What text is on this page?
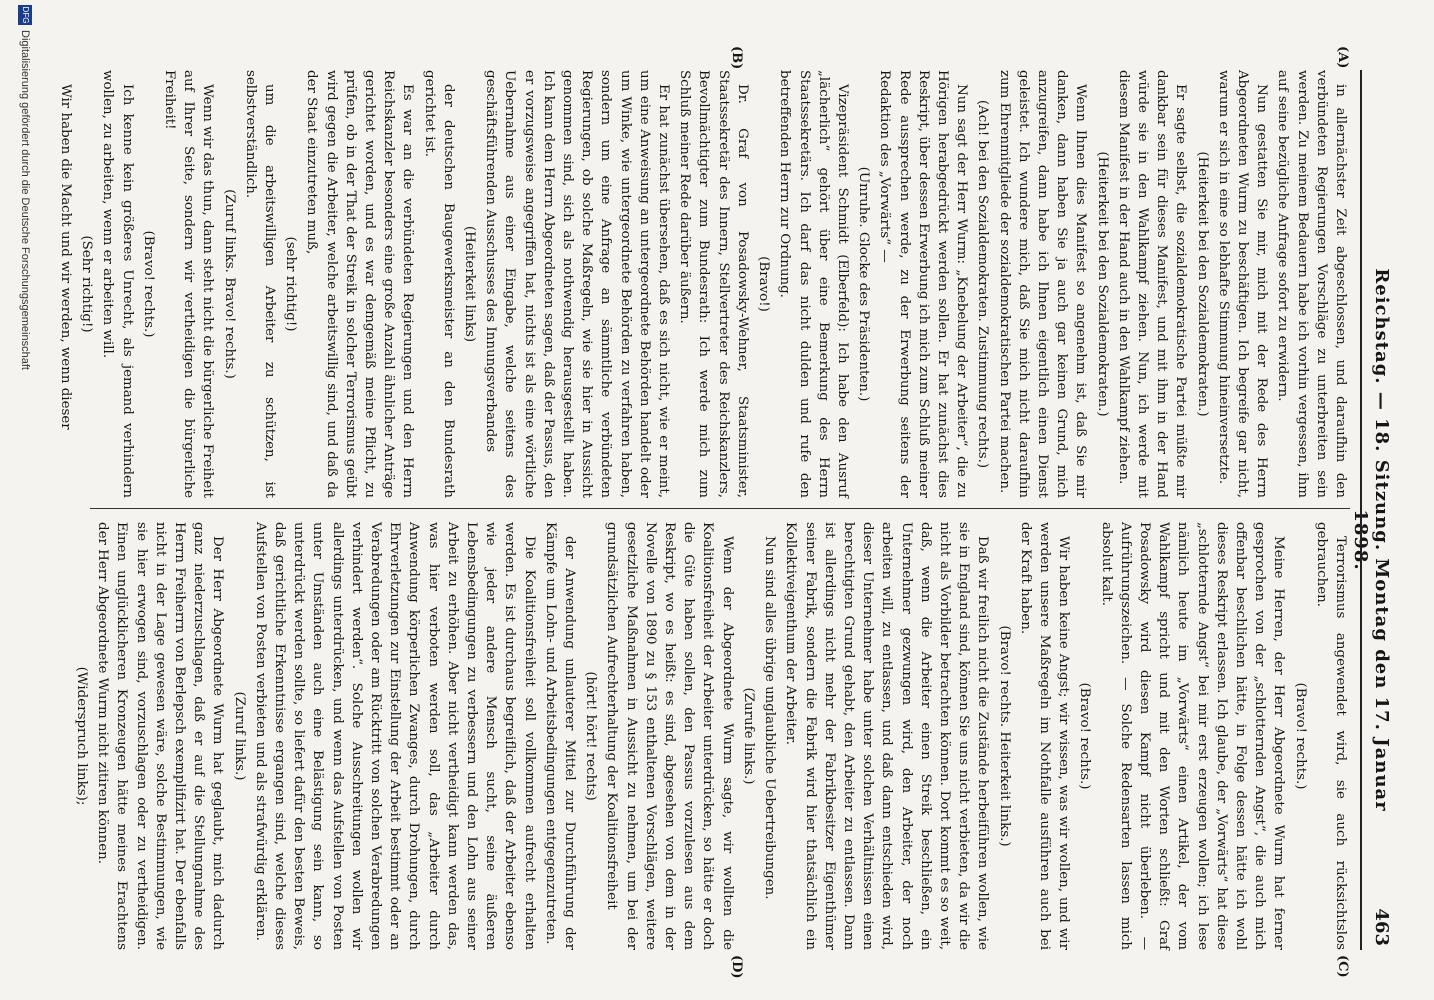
Reichstag. — 18. Sitzung. Montag den 17. Januar 1898.
463
(A)
(B)
(C)
(D)

in allernächster Zeit abgeschlossen, und daraufhin den verbündeten Regierungen Vorschläge zu unterbreiten sein werden. Zu meinem Bedauern habe ich vorhin vergessen, ihm auf seine bezügliche Anfrage sofort zu erwidern.

Nun gestatten Sie mir, mich mit der Rede des Herrn Abgeordneten Wurm zu beschäftigen. Ich begreife gar nicht, warum er sich in eine so lebhafte Stimmung hineinversetzte.

(Heiterkeit bei den Sozialdemokraten.)

Er sagte selbst, die sozialdemokratische Partei müßte mir dankbar sein für dieses Manifest, und mit ihm in der Hand würde sie in den Wahlkampf ziehen. Nun, ich werde mit diesem Manifest in der Hand auch in den Wahlkampf ziehen.

(Heiterkeit bei den Sozialdemokraten.)

Wenn Ihnen dies Manifest so angenehm ist, daß Sie mir danken, dann haben Sie ja auch gar keinen Grund, mich anzugreifen, dann habe ich Ihnen eigentlich einen Dienst geleistet. Ich wundere mich, daß Sie mich nicht daraufhin zum Ehrenmitgliede der sozialdemokratischen Partei machen.

(Ach! bei den Sozialdemokraten. Zustimmung rechts.)

Nun sagt der Herr Wurm: „Knebelung der Arbeiter“, die zu Hörigen herabgedrückt werden sollen. Er hat zunächst dies Reskript, über dessen Erwerbung ich mich zum Schluß meiner Rede aussprechen werde, zu der Erwerbung seitens der Redaktion des „Vorwärts“ —

(Unruhe. Glocke des Präsidenten.)

Vizepräsident Schmidt (Elberfeld): Ich habe den Ausruf „lächerlich“ gehört über eine Bemerkung des Herrn Staatssekretärs. Ich darf das nicht dulden und rufe den betreffenden Herrn zur Ordnung.

(Bravo!)

Dr. Graf von Posadowsky-Wehner, Staatsminister, Staatssekretär des Innern, Stellvertreter des Reichskanzlers, Bevollmächtigter zum Bundesrath: Ich werde mich zum Schluß meiner Rede darüber äußern.

Er hat zunächst übersehen, daß es sich nicht, wie er meint, um eine Anweisung an untergeordnete Behörden handelt oder um Winke, wie untergeordnete Behörden zu verfahren haben, sondern um eine Anfrage an sämmtliche verbündeten Regierungen, ob solche Maßregeln, wie sie hier in Aussicht genommen sind, sich als nothwendig herausgestellt haben. Ich kann dem Herrn Abgeordneten sagen, daß der Passus, den er vorzugsweise angegriffen hat, nichts ist als eine wörtliche Uebernahme aus einer Eingabe, welche seitens des geschäftsführenden Ausschusses des Innungsverbandes

(Heiterkeit links)

der deutschen Baugewerksmeister an den Bundesrath gerichtet ist.

Es war an die verbündeten Regierungen und den Herrn Reichskanzler besonders eine große Anzahl ähnlicher Anträge gerichtet worden, und es war demgemäß meine Pflicht, zu prüfen, ob in der That der Streik in solcher Terrorismus geübt wird gegen die Arbeiter, welche arbeitswillig sind, und daß da der Staat einzutreten muß,

(sehr richtig!)

um die arbeitswilligen Arbeiter zu schützen, ist selbstverständlich.

(Zuruf links. Bravo! rechts.)

Wenn wir das thun, dann steht nicht die bürgerliche Freiheit auf Ihrer Seite, sondern wir vertheidigen die bürgerliche Freiheit!

(Bravo! rechts.)

Ich kenne kein größeres Unrecht, als jemand verhindern wollen, zu arbeiten, wenn er arbeiten will.

(Sehr richtig!)

Wir haben die Macht und wir werden, wenn dieser

Terrorismus angewendet wird, sie auch rücksichtslos gebrauchen.

(Bravo! rechts.)

Meine Herren, der Herr Abgeordnete Wurm hat ferner gesprochen von der „schlotternden Angst“, die auch mich offenbar beschlichen hätte, in Folge dessen hätte ich wohl dieses Reskript erlassen. Ich glaube, der „Vorwärts“ hat diese „schlotternde Angst“ bei mir erst erzeugen wollen; ich lese nämlich heute im „Vorwärts“ einen Artikel, der vom Wahlkampf spricht und mit den Worten schließt: Graf Posadowsky wird diesen Kampf nicht überleben. — Aufrührungszeichen. — Solche Redensarten lassen mich absolut kalt.

(Bravo! rechts.)

Wir haben keine Angst; wir wissen, was wir wollen, und wir werden unsere Maßregeln im Nothfalle ausführen auch bei der Kraft haben.

(Bravo! rechts. Heiterkeit links.)

Daß wir freilich nicht die Zustände herbeiführen wollen, wie sie in England sind, können Sie uns nicht verbieten, da wir die nicht als Vorbilder betrachten können. Dort kommt es so weit, daß, wenn die Arbeiter einen Streik beschließen, ein Unternehmer gezwungen wird, den Arbeiter, der noch arbeiten will, zu entlassen, und daß dann entschieden wird, dieser Unternehmer habe unter solchen Verhältnissen einen berechtigten Grund gehabt, den Arbeiter zu entlassen. Dann ist allerdings nicht mehr der Fabrikbesitzer Eigenthümer seiner Fabrik, sondern die Fabrik wird hier thatsächlich ein Kollektiveigenthum der Arbeiter.

Nun sind alles übrige unglaubliche Uebertreibungen.

(Zurufe links.)

Wenn der Abgeordnete Wurm sagte, wir wollten die Koalitionsfreiheit der Arbeiter unterdrücken, so hätte er doch die Güte haben sollen, den Passus vorzulesen aus dem Reskript, wo es heißt: es sind, abgesehen von dem in der Novelle von 1890 zu § 153 enthaltenen Vorschlägen, weitere gesetzliche Maßnahmen in Aussicht zu nehmen, um bei der grundsätzlichen Aufrechterhaltung der Koalitionsfreiheit

(hört! hört! rechts)

der Anwendung unlauterer Mittel zur Durchführung der Kämpfe um Lohn- und Arbeitsbedingungen entgegenzutreten.

Die Koalitionsfreiheit soll vollkommen aufrecht erhalten werden. Es ist durchaus begreiflich, daß der Arbeiter ebenso wie jeder andere Mensch sucht, seine äußeren Lebensbedingungen zu verbessern und den Lohn aus seiner Arbeit zu erhöhen. Aber nicht vertheidigt kann werden das, was hier verboten werden soll, das „Arbeiter durch Anwendung körperlichen Zwanges, durch Drohungen, durch Ehrverletzungen zur Einstellung der Arbeit bestimmt oder an Verabredungen oder am Rücktritt von solchen Verabredungen verhindert werden“. Solche Ausschreitungen wollen wir allerdings unterdrücken, und wenn das Aufstellen von Posten unter Umständen auch eine Belästigung sein kann, so unterdrückt werden sollte, so liefert dafür den besten Beweis, daß gerichtliche Erkenntnisse ergangen sind, welche dieses Aufstellen von Posten verbieten und als strafwürdig erklären.

(Zuruf links.)

Der Herr Abgeordnete Wurm hat geglaubt, mich dadurch ganz niederzuschlagen, daß er auf die Stellungnahme des Herrn Freiherrn von Berlepsch exemplifizirt hat. Der ebenfalls nicht in der Lage gewesen wäre, solche Bestimmungen, wie sie hier erwogen sind, vorzuschlagen oder zu vertheidigen. Einen unglücklicheren Kronzeugen hätte meines Erachtens der Herr Abgeordnete Wurm nicht zitiren können.

(Widerspruch links);

DFG
Digitalisierung gefördert durch die Deutsche Forschungsgemeinschaft
